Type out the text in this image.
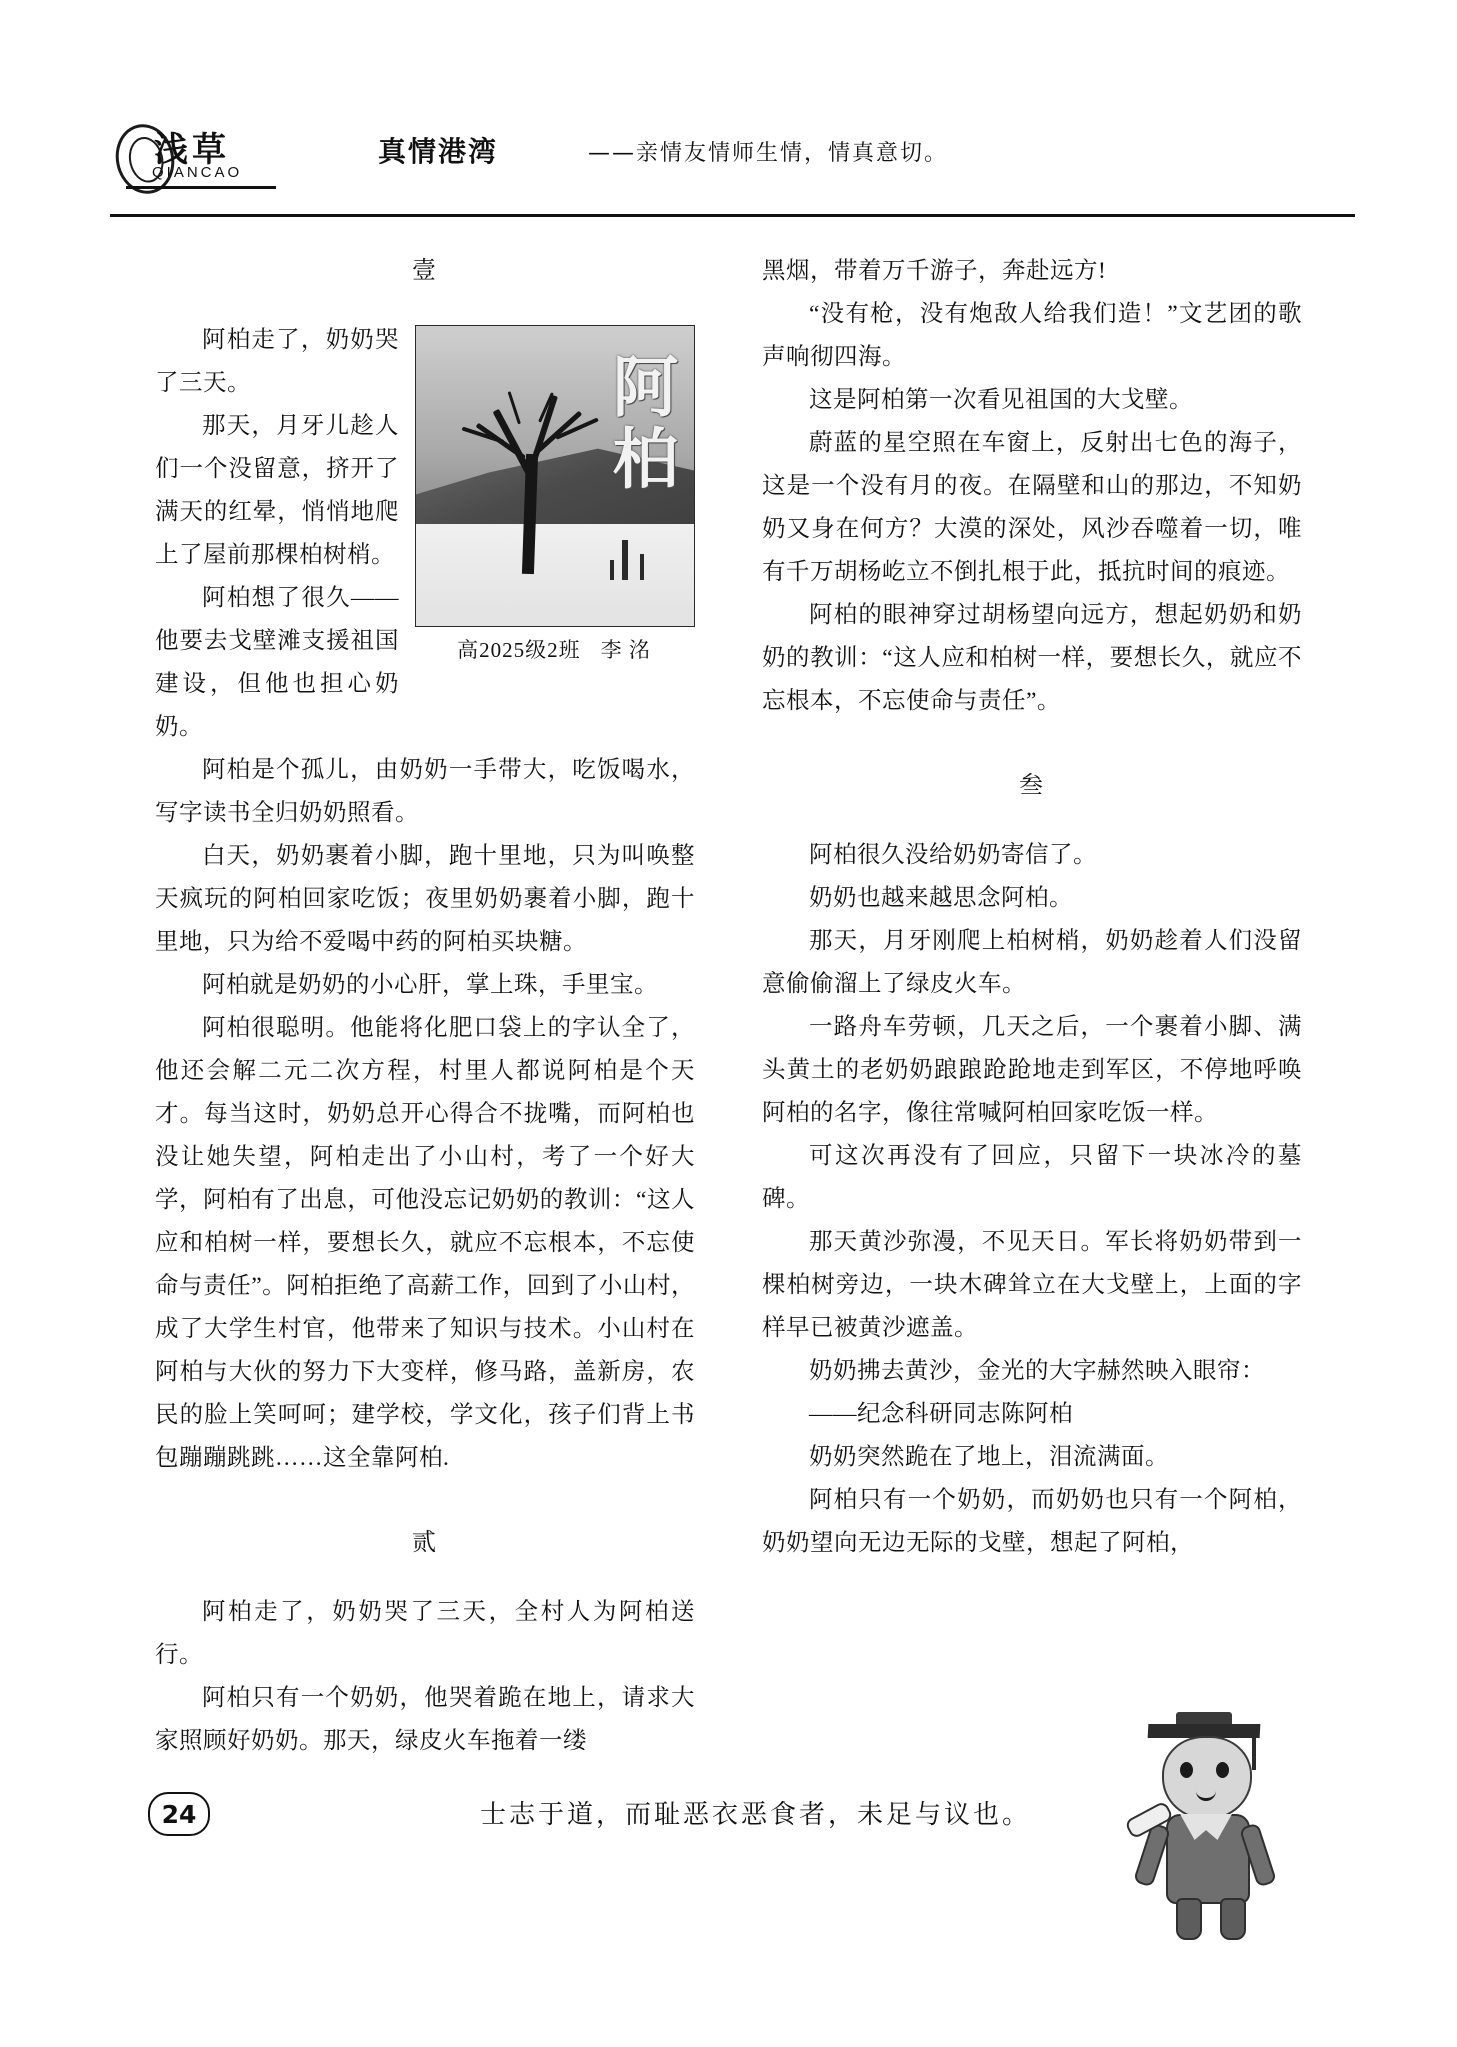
浅草
QIANCAO
真情港湾	——亲情友情师生情，情真意切。
壹
阿柏
高2025级2班 李 洺

阿柏走了，奶奶哭了三天。

那天，月牙儿趁人们一个没留意，挤开了满天的红晕，悄悄地爬上了屋前那棵柏树梢。

阿柏想了很久——他要去戈壁滩支援祖国建设，但他也担心奶奶。

阿柏是个孤儿，由奶奶一手带大，吃饭喝水，写字读书全归奶奶照看。

白天，奶奶裹着小脚，跑十里地，只为叫唤整天疯玩的阿柏回家吃饭；夜里奶奶裹着小脚，跑十里地，只为给不爱喝中药的阿柏买块糖。

阿柏就是奶奶的小心肝，掌上珠，手里宝。

阿柏很聪明。他能将化肥口袋上的字认全了，他还会解二元二次方程，村里人都说阿柏是个天才。每当这时，奶奶总开心得合不拢嘴，而阿柏也没让她失望，阿柏走出了小山村，考了一个好大学，阿柏有了出息，可他没忘记奶奶的教训：“这人应和柏树一样，要想长久，就应不忘根本，不忘使命与责任”。阿柏拒绝了高薪工作，回到了小山村，成了大学生村官，他带来了知识与技术。小山村在阿柏与大伙的努力下大变样，修马路，盖新房，农民的脸上笑呵呵；建学校，学文化，孩子们背上书包蹦蹦跳跳……这全靠阿柏.

贰

阿柏走了，奶奶哭了三天，全村人为阿柏送行。

阿柏只有一个奶奶，他哭着跪在地上，请求大家照顾好奶奶。那天，绿皮火车拖着一缕

黑烟，带着万千游子，奔赴远方!

“没有枪，没有炮敌人给我们造！”文艺团的歌声响彻四海。

这是阿柏第一次看见祖国的大戈壁。

蔚蓝的星空照在车窗上，反射出七色的海子，这是一个没有月的夜。在隔壁和山的那边，不知奶奶又身在何方？大漠的深处，风沙吞噬着一切，唯有千万胡杨屹立不倒扎根于此，抵抗时间的痕迹。

阿柏的眼神穿过胡杨望向远方，想起奶奶和奶奶的教训：“这人应和柏树一样，要想长久，就应不忘根本，不忘使命与责任”。

叁

阿柏很久没给奶奶寄信了。

奶奶也越来越思念阿柏。

那天，月牙刚爬上柏树梢，奶奶趁着人们没留意偷偷溜上了绿皮火车。

一路舟车劳顿，几天之后，一个裹着小脚、满头黄土的老奶奶踉踉跄跄地走到军区，不停地呼唤阿柏的名字，像往常喊阿柏回家吃饭一样。

可这次再没有了回应，只留下一块冰冷的墓碑。

那天黄沙弥漫，不见天日。军长将奶奶带到一棵柏树旁边，一块木碑耸立在大戈壁上，上面的字样早已被黄沙遮盖。

奶奶拂去黄沙，金光的大字赫然映入眼帘：

——纪念科研同志陈阿柏

奶奶突然跪在了地上，泪流满面。

阿柏只有一个奶奶，而奶奶也只有一个阿柏，奶奶望向无边无际的戈壁，想起了阿柏，

24	士志于道，而耻恶衣恶食者，未足与议也。
